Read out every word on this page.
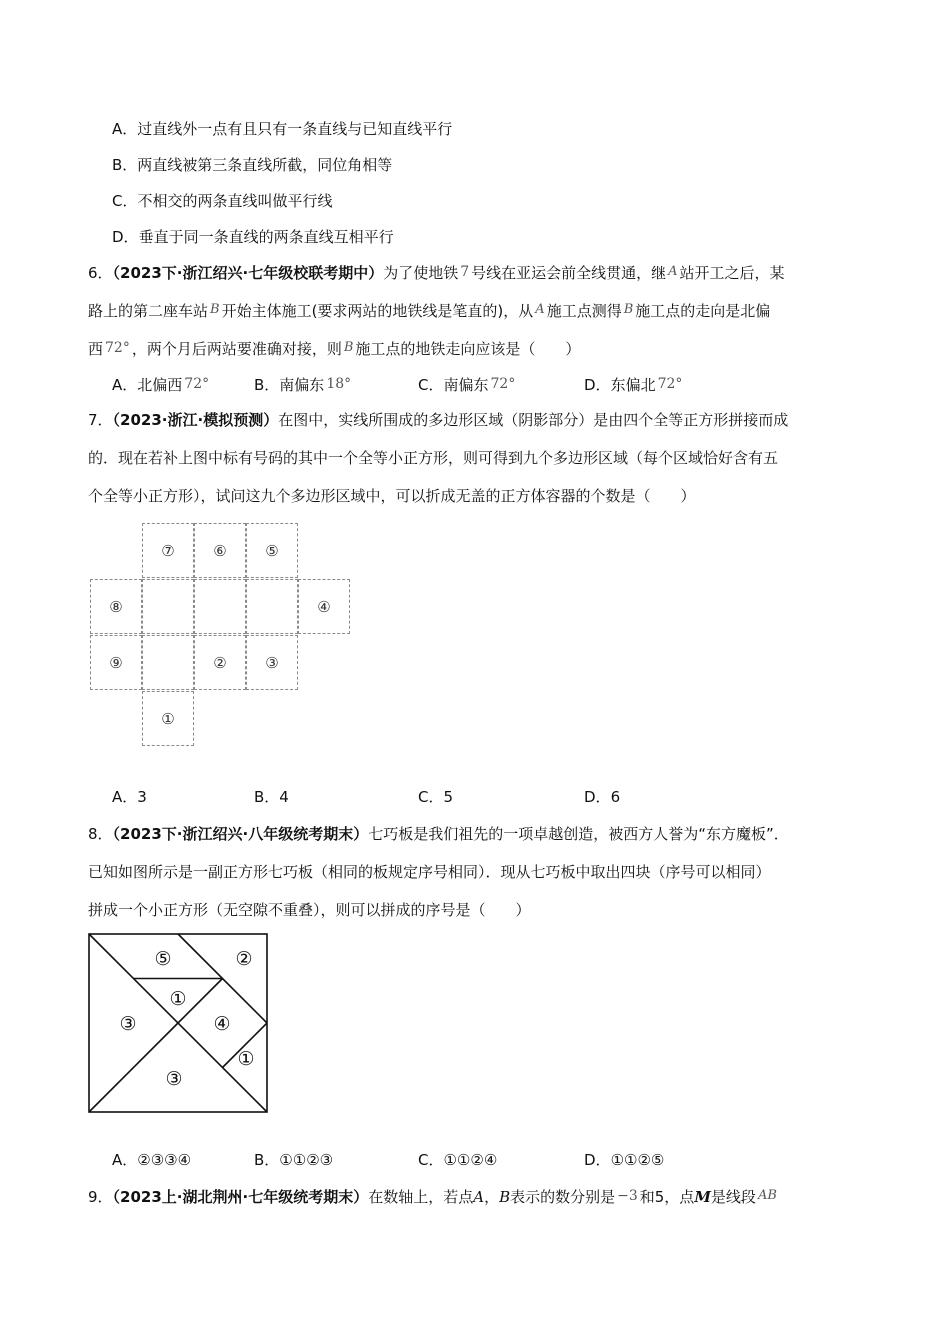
A．过直线外一点有且只有一条直线与已知直线平行
B．两直线被第三条直线所截，同位角相等
C．不相交的两条直线叫做平行线
D．垂直于同一条直线的两条直线互相平行
6．（2023下·浙江绍兴·七年级校联考期中）为了使地铁 7 号线在亚运会前全线贯通，继 A 站开工之后，某
路上的第二座车站 B 开始主体施工(要求两站的地铁线是笔直的)，从 A 施工点测得 B 施工点的走向是北偏
西 72° ，两个月后两站要准确对接，则 B 施工点的地铁走向应该是（　　）
A．北偏西 72°	B．南偏东 18°	C．南偏东 72°	D．东偏北 72°
7．（2023·浙江·模拟预测）在图中，实线所围成的多边形区域（阴影部分）是由四个全等正方形拼接而成
的．现在若补上图中标有号码的其中一个全等小正方形，则可得到九个多边形区域（每个区域恰好含有五
个全等小正方形），试问这九个多边形区域中，可以折成无盖的正方体容器的个数是（　　）
⑦	⑥	⑤
⑧	④
⑨	②	③
①
A．3	B．4	C．5	D．6
8．（2023下·浙江绍兴·八年级统考期末）七巧板是我们祖先的一项卓越创造，被西方人誉为“东方魔板”．
已知如图所示是一副正方形七巧板（相同的板规定序号相同）．现从七巧板中取出四块（序号可以相同）
拼成一个小正方形（无空隙不重叠），则可以拼成的序号是（　　）
⑤	②
①
③	④
①
③
A．②③③④	B．①①②③	C．①①②④	D．①①②⑤
9．（2023上·湖北荆州·七年级统考期末）在数轴上，若点A，B表示的数分别是 −3 和5，点M是线段 AB
